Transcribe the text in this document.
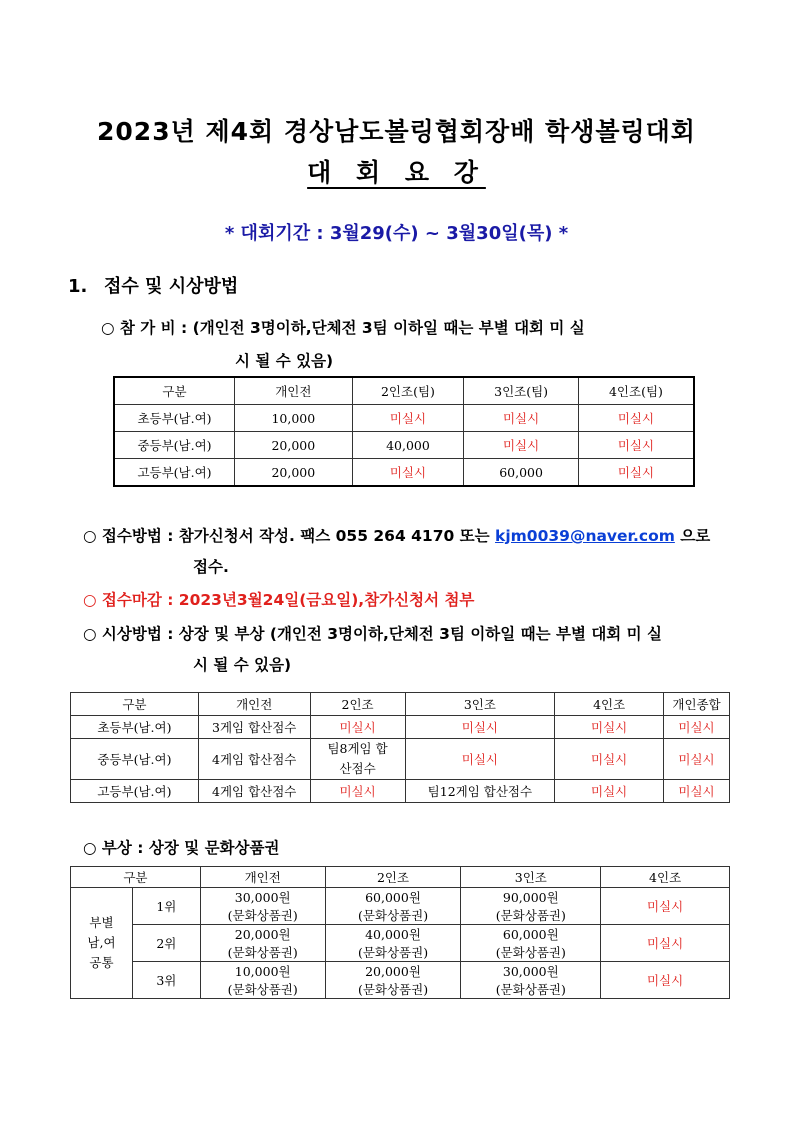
2023년 제4회 경상남도볼링협회장배 학생볼링대회
대 회 요 강
* 대회기간 : 3월29(수) ~ 3월30일(목) *
1. 접수 및 시상방법
○ 참 가 비 : (개인전 3명이하,단체전 3팀 이하일 때는 부별 대회 미 실
시 될 수 있음)
구분	개인전	2인조(팀)	3인조(팀)	4인조(팀)
초등부(남.여)	10,000	미실시	미실시	미실시
중등부(남.여)	20,000	40,000	미실시	미실시
고등부(남.여)	20,000	미실시	60,000	미실시
○ 접수방법 : 참가신청서 작성. 팩스 055 264 4170 또는 kjm0039@naver.com 으로
접수.
○ 접수마감 : 2023년3월24일(금요일),참가신청서 첨부
○ 시상방법 : 상장 및 부상 (개인전 3명이하,단체전 3팀 이하일 때는 부별 대회 미 실
시 될 수 있음)
구분	개인전	2인조	3인조	4인조	개인종합
초등부(남.여)	3게임 합산점수	미실시	미실시	미실시	미실시
중등부(남.여)	4게임 합산점수	팀8게임 합산점수	미실시	미실시	미실시
고등부(남.여)	4게임 합산점수	미실시	팀12게임 합산점수	미실시	미실시
○ 부상 : 상장 및 문화상품권
구분		개인전	2인조	3인조	4인조
부별
남,여
공통	1위	30,000원	60,000원	90,000원	미실시
		(문화상품권)	(문화상품권)	(문화상품권)	
	2위	20,000원	40,000원	60,000원	미실시
		(문화상품권)	(문화상품권)	(문화상품권)	
	3위	10,000원	20,000원	30,000원	미실시
		(문화상품권)	(문화상품권)	(문화상품권)	
